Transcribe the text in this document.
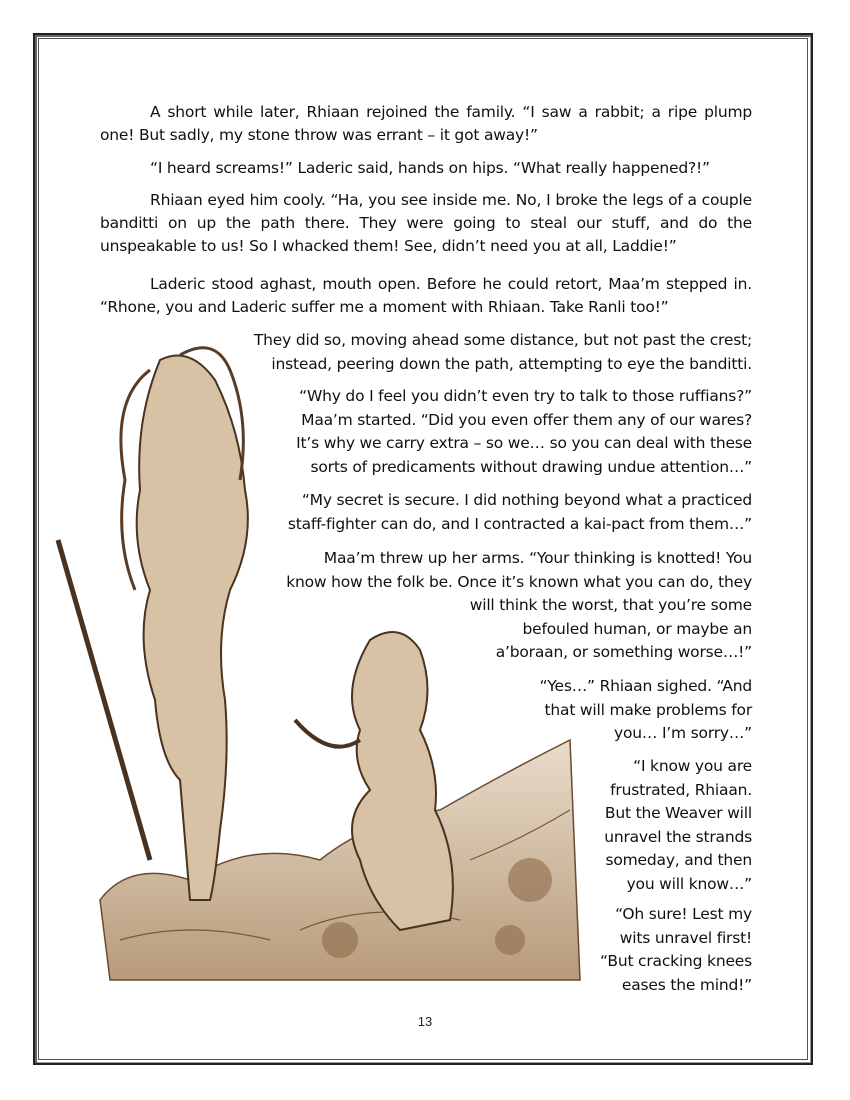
A short while later, Rhiaan rejoined the family. “I saw a rabbit; a ripe plump one! But sadly, my stone throw was errant – it got away!”

“I heard screams!” Laderic said, hands on hips. “What really happened?!”

Rhiaan eyed him cooly. “Ha, you see inside me. No, I broke the legs of a couple banditti on up the path there. They were going to steal our stuff, and do the unspeakable to us! So I whacked them! See, didn’t need you at all, Laddie!”

Laderic stood aghast, mouth open. Before he could retort, Maa’m stepped in. “Rhone, you and Laderic suffer me a moment with Rhiaan. Take Ranli too!”

They did so, moving ahead some distance, but not past the crest;
instead, peering down the path, attempting to eye the banditti.
“Why do I feel you didn’t even try to talk to those ruffians?”
Maa’m started. “Did you even offer them any of our wares?
It’s why we carry extra – so we… so you can deal with these
sorts of predicaments without drawing undue attention…”
“My secret is secure. I did nothing beyond what a practiced
staff-fighter can do, and I contracted a kai-pact from them…”
Maa’m threw up her arms. “Your thinking is knotted! You
know how the folk be. Once it’s known what you can do, they
will think the worst, that you’re some
befouled human, or maybe an
a’boraan, or something worse…!”
“Yes…” Rhiaan sighed. “And
that will make problems for
you… I’m sorry…”
“I know you are
frustrated, Rhiaan.
But the Weaver will
unravel the strands
someday, and then
you will know…”
“Oh sure! Lest my
wits unravel first!
“But cracking knees
eases the mind!”
13
